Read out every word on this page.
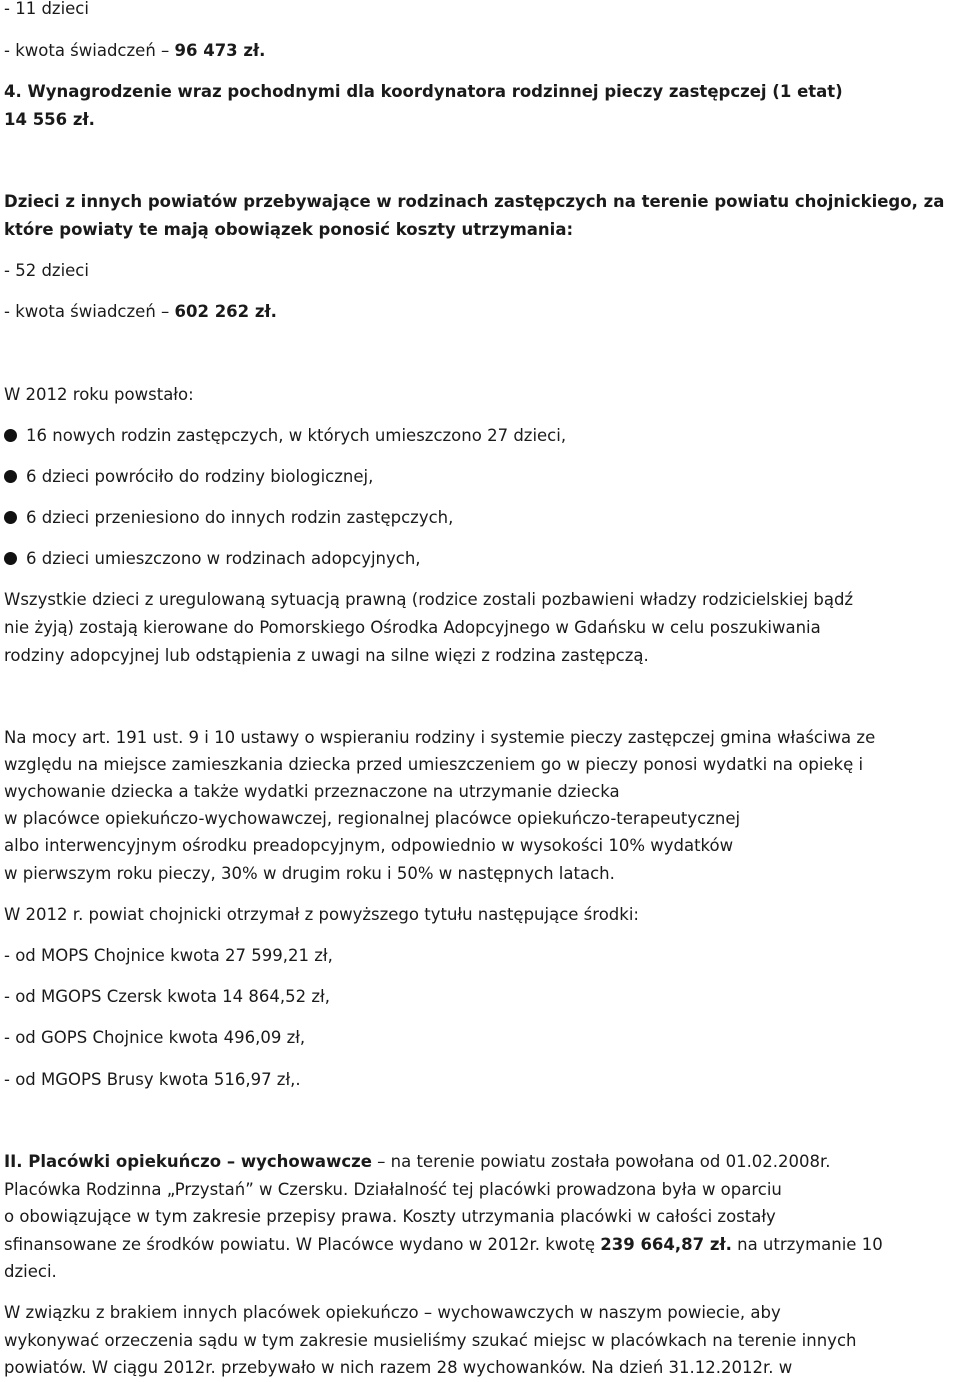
- 11 dzieci
- kwota świadczeń – 96 473 zł.
4. Wynagrodzenie wraz pochodnymi dla koordynatora rodzinnej pieczy zastępczej (1 etat)
14 556 zł.
Dzieci z innych powiatów przebywające w rodzinach zastępczych na terenie powiatu chojnickiego, za
które powiaty te mają obowiązek ponosić koszty utrzymania:
- 52 dzieci
- kwota świadczeń – 602 262 zł.
W 2012 roku powstało:
16 nowych rodzin zastępczych, w których umieszczono 27 dzieci,
6 dzieci powróciło do rodziny biologicznej,
6 dzieci przeniesiono do innych rodzin zastępczych,
6 dzieci umieszczono w rodzinach adopcyjnych,
Wszystkie dzieci z uregulowaną sytuacją prawną (rodzice zostali pozbawieni władzy rodzicielskiej bądź
nie żyją) zostają kierowane do Pomorskiego Ośrodka Adopcyjnego w Gdańsku w celu poszukiwania
rodziny adopcyjnej lub odstąpienia z uwagi na silne więzi z rodzina zastępczą.
Na mocy art. 191 ust. 9 i 10 ustawy o wspieraniu rodziny i systemie pieczy zastępczej gmina właściwa ze
względu na miejsce zamieszkania dziecka przed umieszczeniem go w pieczy ponosi wydatki na opiekę i
wychowanie dziecka a także wydatki przeznaczone na utrzymanie dziecka
w placówce opiekuńczo-wychowawczej, regionalnej placówce opiekuńczo-terapeutycznej
albo interwencyjnym ośrodku preadopcyjnym, odpowiednio w wysokości 10% wydatków
w pierwszym roku pieczy, 30% w drugim roku i 50% w następnych latach.
W 2012 r. powiat chojnicki otrzymał z powyższego tytułu następujące środki:
- od MOPS Chojnice kwota 27 599,21 zł,
- od MGOPS Czersk kwota 14 864,52 zł,
- od GOPS Chojnice kwota 496,09 zł,
- od MGOPS Brusy kwota 516,97 zł,.
II. Placówki opiekuńczo – wychowawcze – na terenie powiatu została powołana od 01.02.2008r.
Placówka Rodzinna „Przystań” w Czersku. Działalność tej placówki prowadzona była w oparciu
o obowiązujące w tym zakresie przepisy prawa. Koszty utrzymania placówki w całości zostały
sfinansowane ze środków powiatu. W Placówce wydano w 2012r. kwotę 239 664,87 zł. na utrzymanie 10
dzieci.
W związku z brakiem innych placówek opiekuńczo – wychowawczych w naszym powiecie, aby
wykonywać orzeczenia sądu w tym zakresie musieliśmy szukać miejsc w placówkach na terenie innych
powiatów. W ciągu 2012r. przebywało w nich razem 28 wychowanków. Na dzień 31.12.2012r. w
